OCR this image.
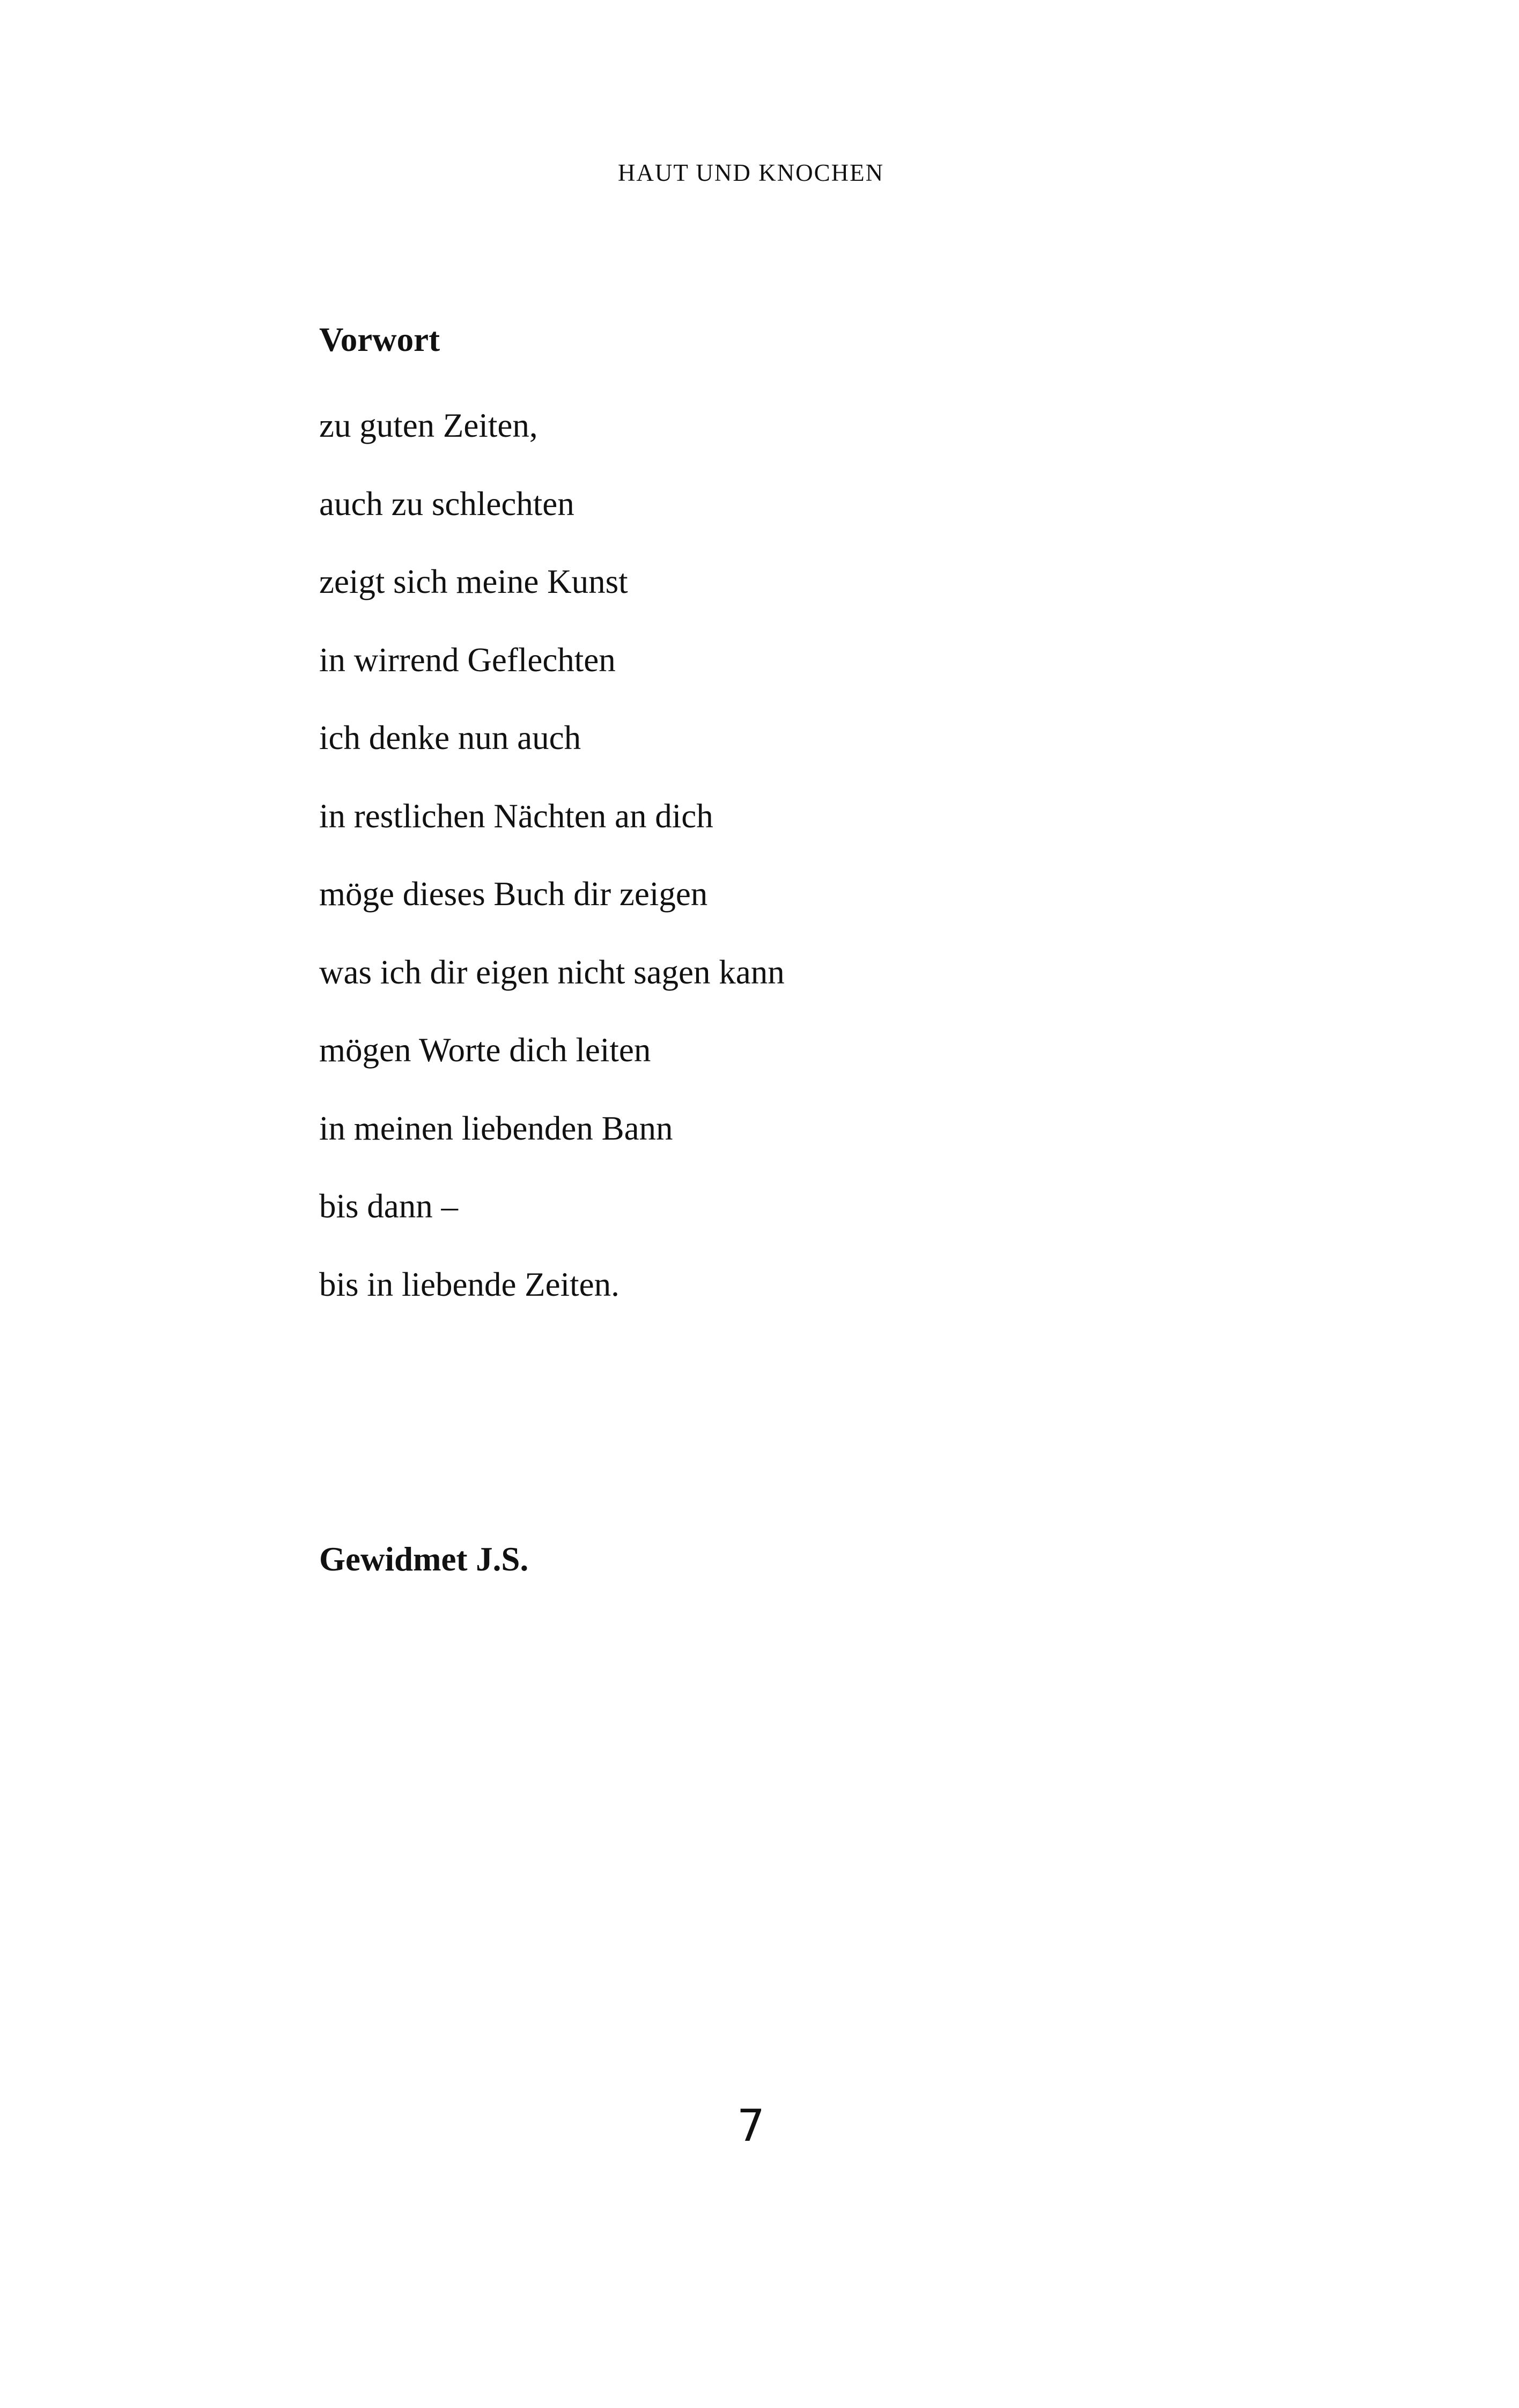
HAUT UND KNOCHEN
Vorwort
zu guten Zeiten,
auch zu schlechten
zeigt sich meine Kunst
in wirrend Geflechten
ich denke nun auch
in restlichen Nächten an dich
möge dieses Buch dir zeigen
was ich dir eigen nicht sagen kann
mögen Worte dich leiten
in meinen liebenden Bann
bis dann –
bis in liebende Zeiten.
Gewidmet J.S.
7
